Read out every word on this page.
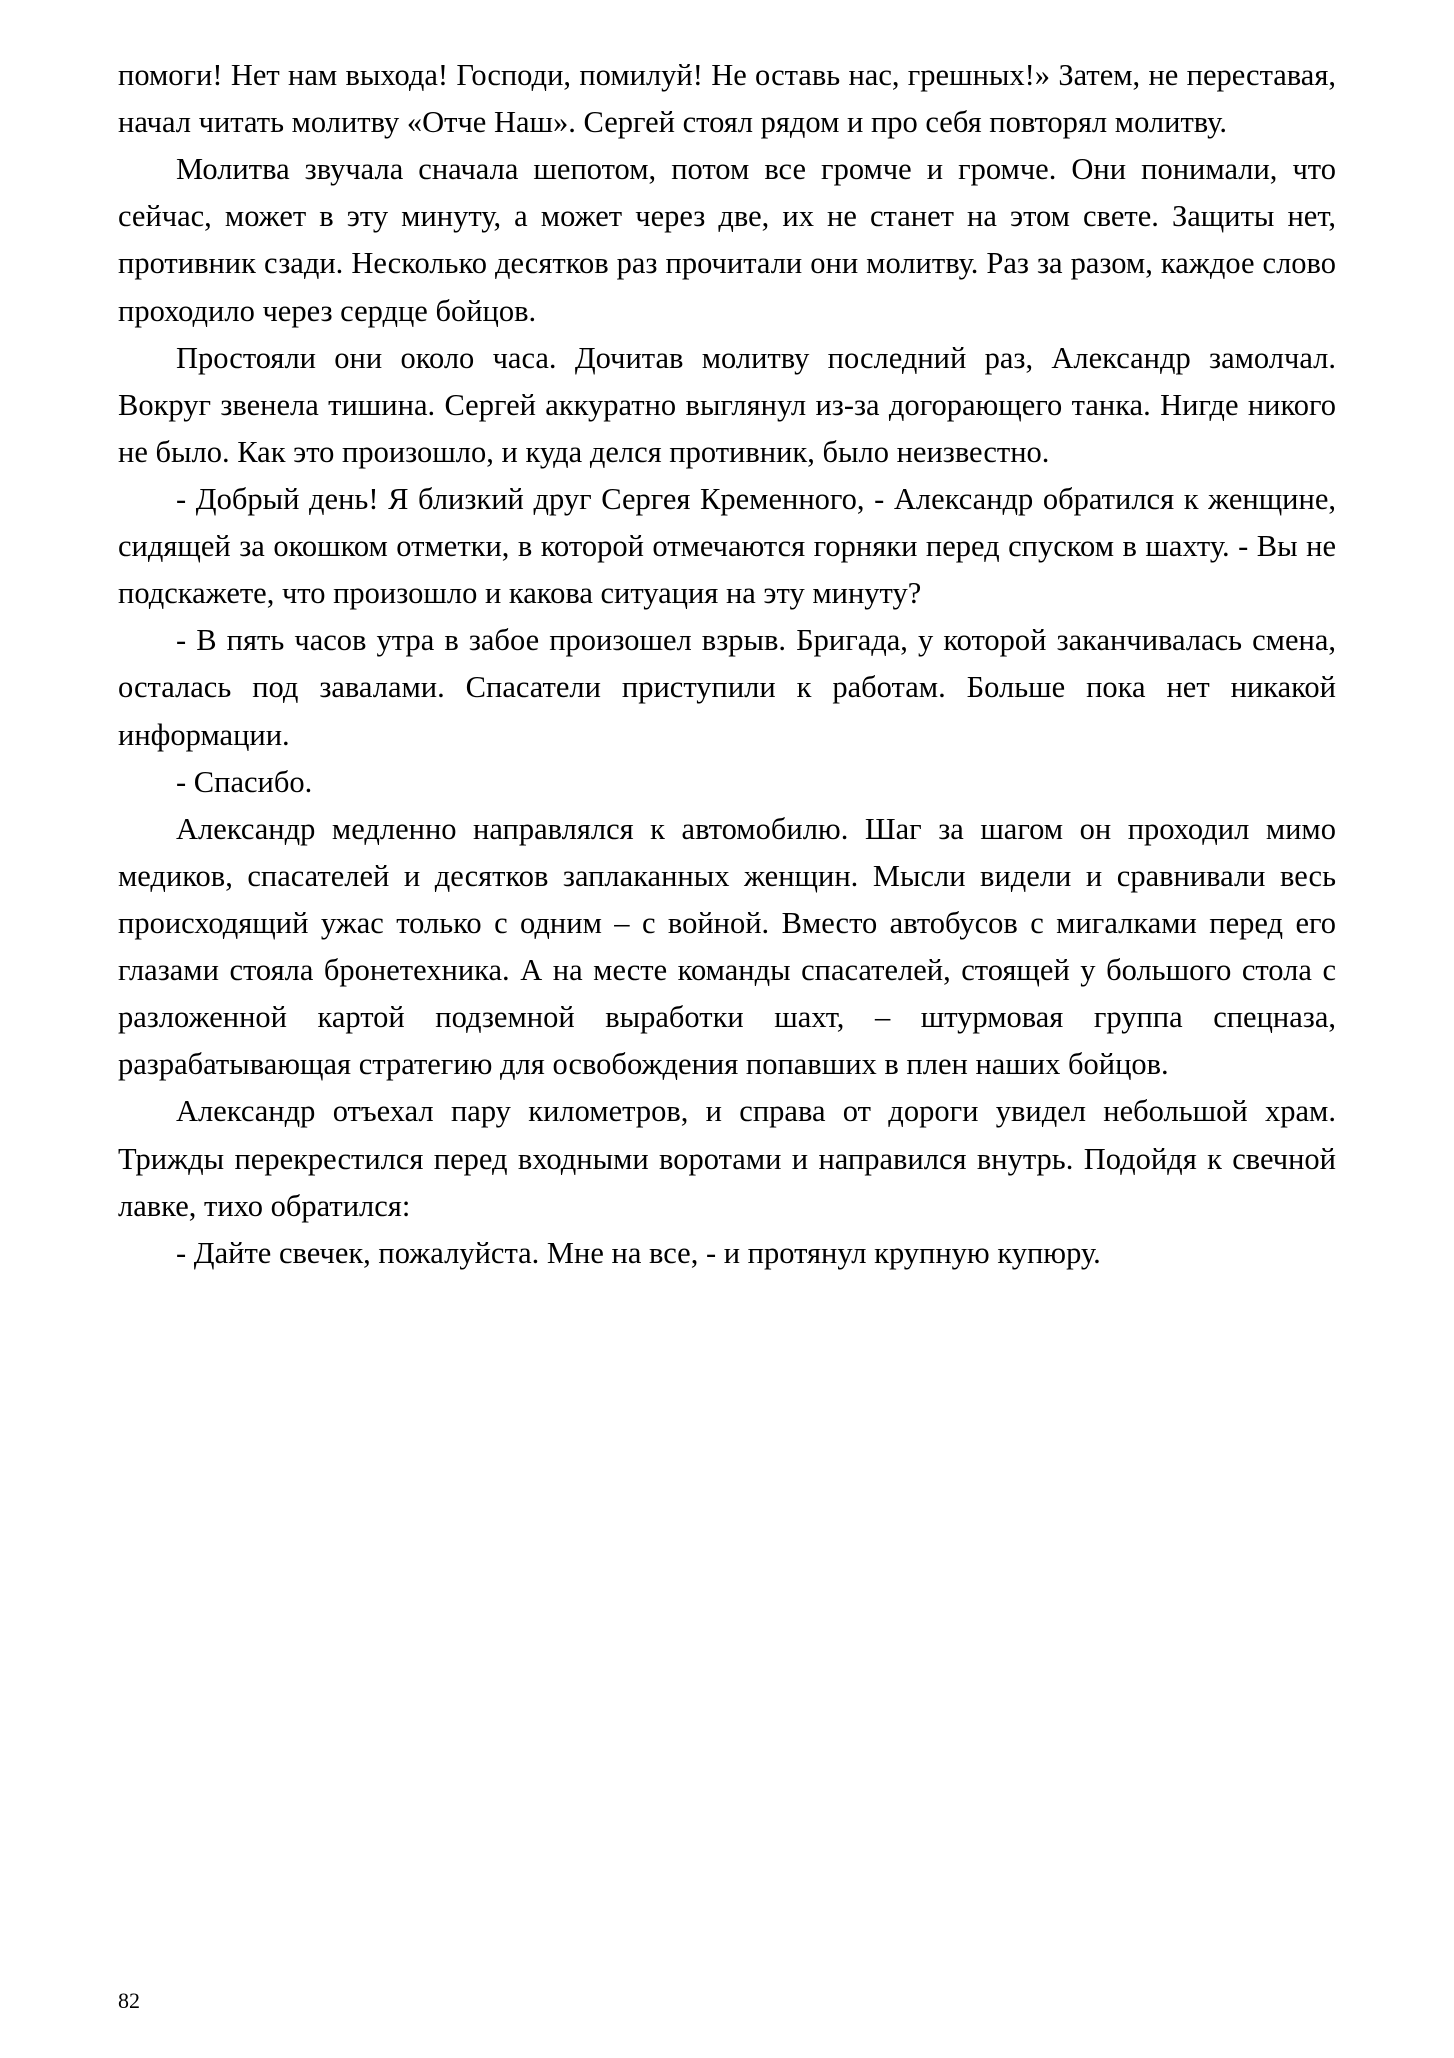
помоги! Нет нам выхода! Господи, помилуй! Не оставь нас, грешных!» Затем, не переставая, начал читать молитву «Отче Наш». Сергей стоял рядом и про себя повторял молитву.

Молитва звучала сначала шепотом, потом все громче и громче. Они понимали, что сейчас, может в эту минуту, а может через две, их не станет на этом свете. Защиты нет, противник сзади. Несколько десятков раз прочитали они молитву. Раз за разом, каждое слово проходило через сердце бойцов.

Простояли они около часа. Дочитав молитву последний раз, Александр замолчал. Вокруг звенела тишина. Сергей аккуратно выглянул из-за догорающего танка. Нигде никого не было. Как это произошло, и куда делся противник, было неизвестно.

- Добрый день! Я близкий друг Сергея Кременного, - Александр обратился к женщине, сидящей за окошком отметки, в которой отмечаются горняки перед спуском в шахту. - Вы не подскажете, что произошло и какова ситуация на эту минуту?

- В пять часов утра в забое произошел взрыв. Бригада, у которой заканчивалась смена, осталась под завалами. Спасатели приступили к работам. Больше пока нет никакой информации.

- Спасибо.

Александр медленно направлялся к автомобилю. Шаг за шагом он проходил мимо медиков, спасателей и десятков заплаканных женщин. Мысли видели и сравнивали весь происходящий ужас только с одним – с войной. Вместо автобусов с мигалками перед его глазами стояла бронетехника. А на месте команды спасателей, стоящей у большого стола с разложенной картой подземной выработки шахт, – штурмовая группа спецназа, разрабатывающая стратегию для освобождения попавших в плен наших бойцов.

Александр отъехал пару километров, и справа от дороги увидел небольшой храм. Трижды перекрестился перед входными воротами и направился внутрь. Подойдя к свечной лавке, тихо обратился:

- Дайте свечек, пожалуйста. Мне на все, - и протянул крупную купюру.

82
